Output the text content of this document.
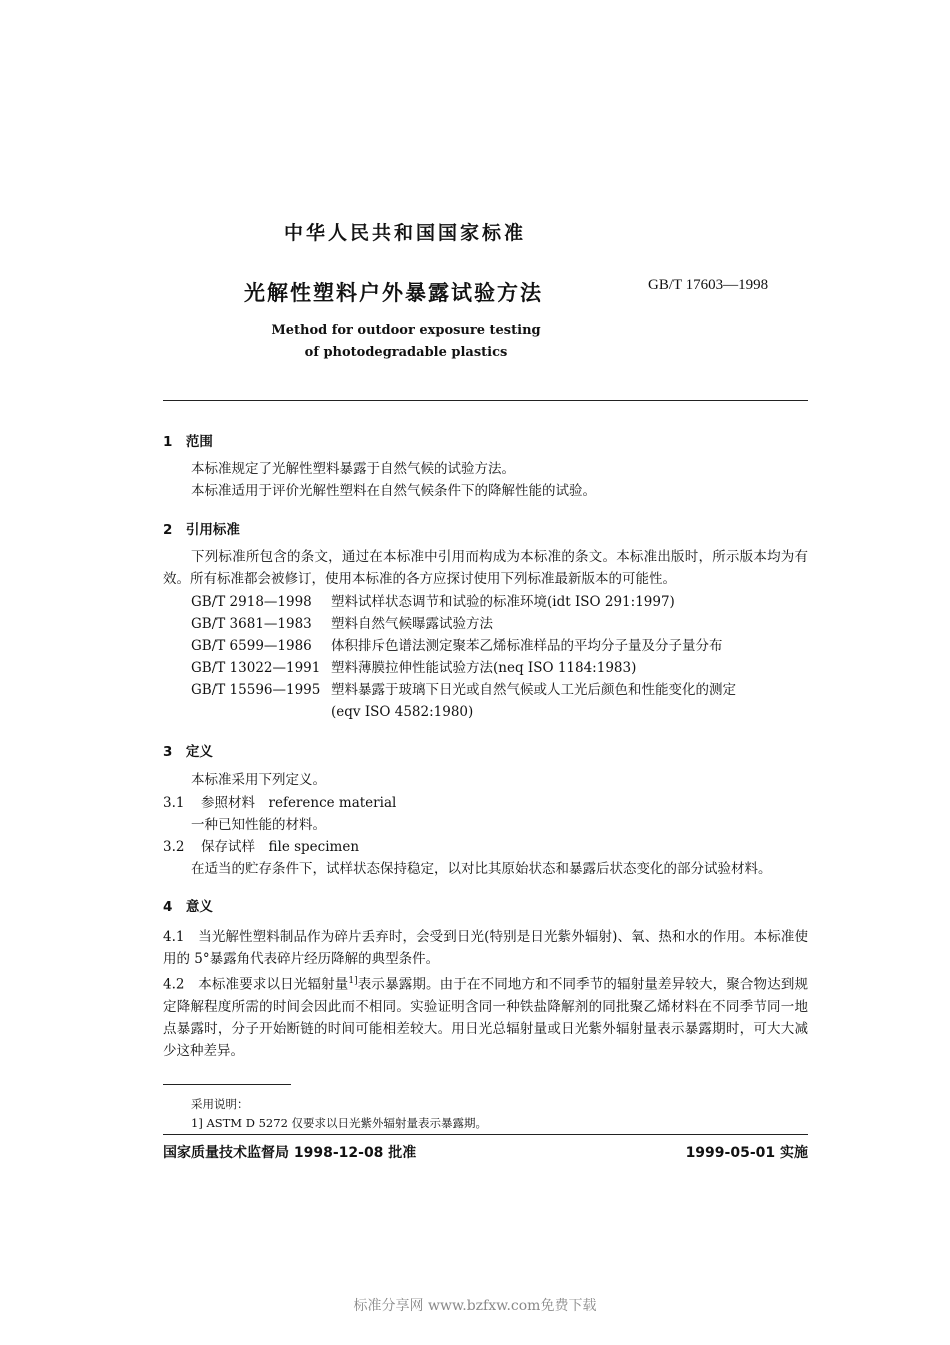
中华人民共和国国家标准
光解性塑料户外暴露试验方法	GB/T 17603—1998
Method for outdoor exposure testing
of photodegradable plastics
1　范围
本标准规定了光解性塑料暴露于自然气候的试验方法。
本标准适用于评价光解性塑料在自然气候条件下的降解性能的试验。
2　引用标准
下列标准所包含的条文，通过在本标准中引用而构成为本标准的条文。本标准出版时，所示版本均为有效。所有标准都会被修订，使用本标准的各方应探讨使用下列标准最新版本的可能性。
GB/T 2918—1998	塑料试样状态调节和试验的标准环境(idt ISO 291:1997)
GB/T 3681—1983	塑料自然气候曝露试验方法
GB/T 6599—1986	体积排斥色谱法测定聚苯乙烯标准样品的平均分子量及分子量分布
GB/T 13022—1991	塑料薄膜拉伸性能试验方法(neq ISO 1184:1983)
GB/T 15596—1995	塑料暴露于玻璃下日光或自然气候或人工光后颜色和性能变化的测定
	(eqv ISO 4582:1980)
3　定义
本标准采用下列定义。
3.1 参照材料　reference material
一种已知性能的材料。
3.2 保存试样　file specimen
在适当的贮存条件下，试样状态保持稳定，以对比其原始状态和暴露后状态变化的部分试验材料。
4　意义
4.1　当光解性塑料制品作为碎片丢弃时，会受到日光(特别是日光紫外辐射)、氧、热和水的作用。本标准使用的 5°暴露角代表碎片经历降解的典型条件。
4.2　本标准要求以日光辐射量$^{1]}$表示暴露期。由于在不同地方和不同季节的辐射量差异较大，聚合物达到规定降解程度所需的时间会因此而不相同。实验证明含同一种铁盐降解剂的同批聚乙烯材料在不同季节同一地点暴露时，分子开始断链的时间可能相差较大。用日光总辐射量或日光紫外辐射量表示暴露期时，可大大减少这种差异。
采用说明：
1] ASTM D 5272 仅要求以日光紫外辐射量表示暴露期。
国家质量技术监督局 1998-12-08 批准	1999-05-01 实施
标准分享网 www.bzfxw.com免费下载
